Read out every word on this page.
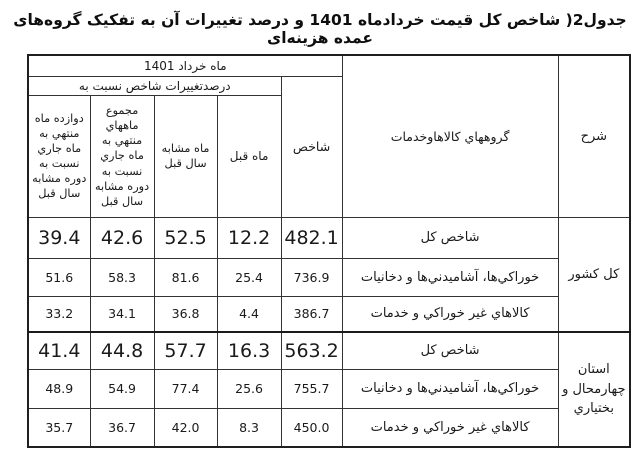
جدول2( شاخص کل قیمت خردادماه 1401 و درصد تغییرات آن به تفکیک گروه‌های عمده هزینه‌ای
شرح	گروههاي كالاهاوخدمات	ماه خرداد 1401				
		شاخص	درصدتغييرات شاخص نسبت به			
			ماه قبل	ماه مشابه سال قبل	مجموع ماههاي منتهي به ماه جاري نسبت به دوره مشابه سال قبل	دوازده ماه منتهي به ماه جاري نسبت به دوره مشابه سال قبل
كل كشور	شاخص كل	482.1	12.2	52.5	42.6	39.4
	خوراكي‌ها، آشاميدني‌ها و دخانيات	736.9	25.4	81.6	58.3	51.6
	كالاهاي غير خوراكي و خدمات	386.7	4.4	36.8	34.1	33.2
استان چهارمحال و بختياري	شاخص كل	563.2	16.3	57.7	44.8	41.4
	خوراكي‌ها، آشاميدني‌ها و دخانيات	755.7	25.6	77.4	54.9	48.9
	كالاهاي غير خوراكي و خدمات	450.0	8.3	42.0	36.7	35.7
